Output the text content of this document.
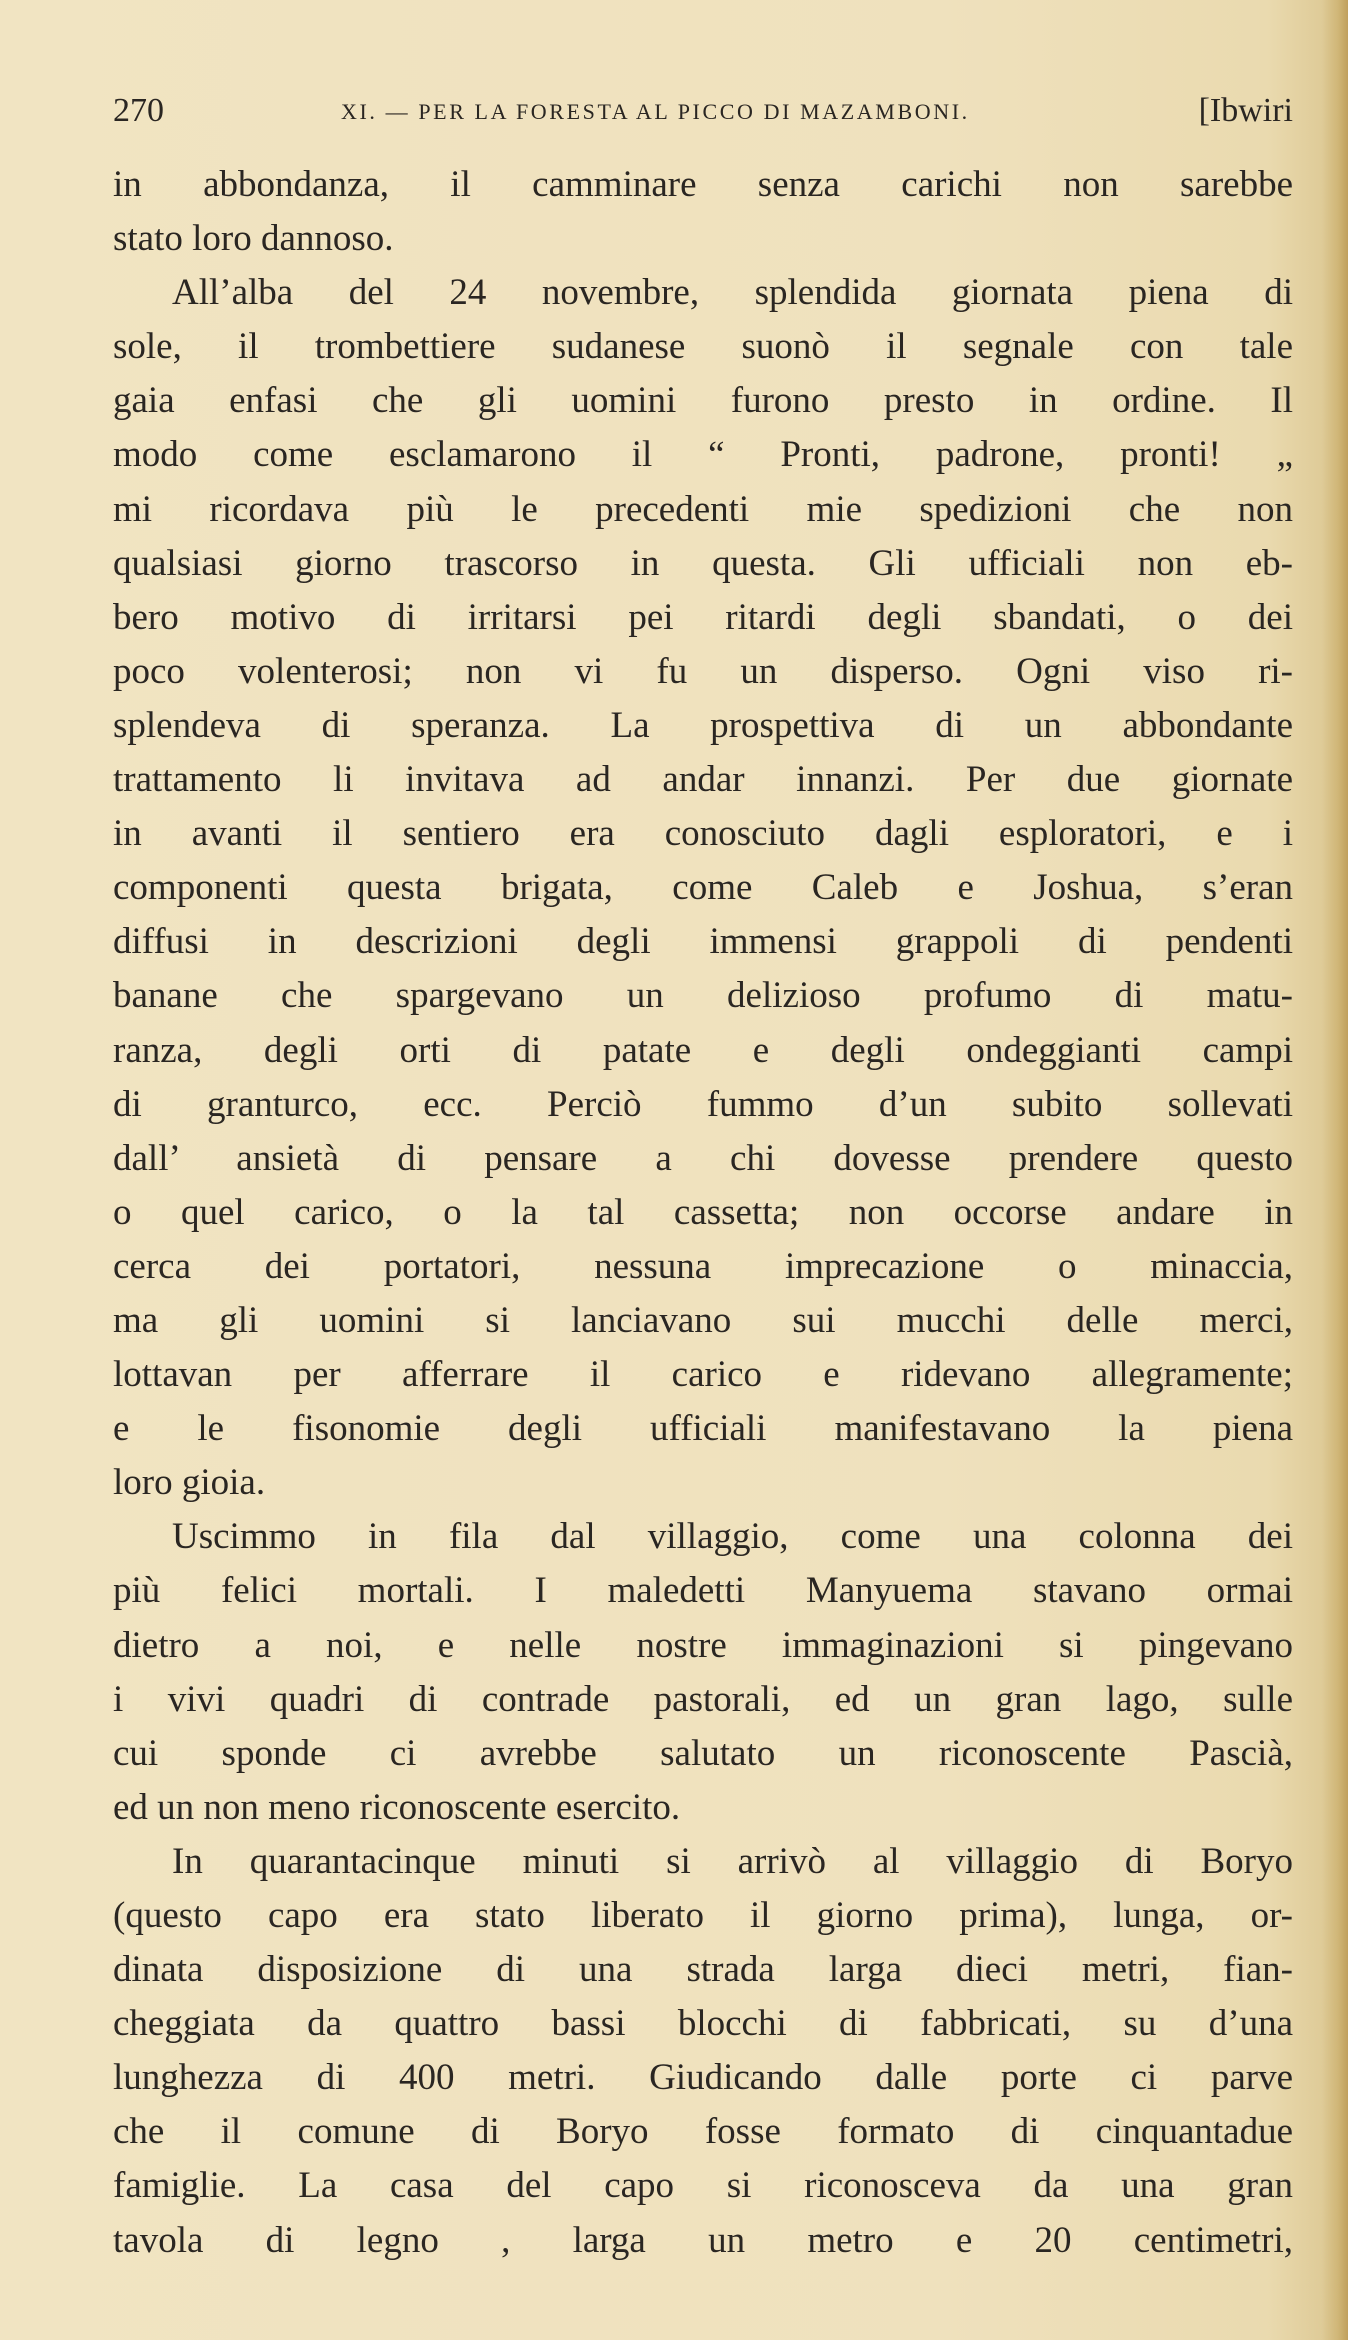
270	XI. — PER LA FORESTA AL PICCO DI MAZAMBONI.	[Ibwiri
in abbondanza, il camminare senza carichi non sarebbe
stato loro dannoso.
All’alba del 24 novembre, splendida giornata piena di
sole, il trombettiere sudanese suonò il segnale con tale
gaia enfasi che gli uomini furono presto in ordine. Il
modo come esclamarono il “ Pronti, padrone, pronti! „
mi ricordava più le precedenti mie spedizioni che non
qualsiasi giorno trascorso in questa. Gli ufficiali non eb-
bero motivo di irritarsi pei ritardi degli sbandati, o dei
poco volenterosi; non vi fu un disperso. Ogni viso ri-
splendeva di speranza. La prospettiva di un abbondante
trattamento li invitava ad andar innanzi. Per due giornate
in avanti il sentiero era conosciuto dagli esploratori, e i
componenti questa brigata, come Caleb e Joshua, s’eran
diffusi in descrizioni degli immensi grappoli di pendenti
banane che spargevano un delizioso profumo di matu-
ranza, degli orti di patate e degli ondeggianti campi
di granturco, ecc. Perciò fummo d’un subito sollevati
dall’ ansietà di pensare a chi dovesse prendere questo
o quel carico, o la tal cassetta; non occorse andare in
cerca dei portatori, nessuna imprecazione o minaccia,
ma gli uomini si lanciavano sui mucchi delle merci,
lottavan per afferrare il carico e ridevano allegramente;
e le fisonomie degli ufficiali manifestavano la piena
loro gioia.
Uscimmo in fila dal villaggio, come una colonna dei
più felici mortali. I maledetti Manyuema stavano ormai
dietro a noi, e nelle nostre immaginazioni si pingevano
i vivi quadri di contrade pastorali, ed un gran lago, sulle
cui sponde ci avrebbe salutato un riconoscente Pascià,
ed un non meno riconoscente esercito.
In quarantacinque minuti si arrivò al villaggio di Boryo
(questo capo era stato liberato il giorno prima), lunga, or-
dinata disposizione di una strada larga dieci metri, fian-
cheggiata da quattro bassi blocchi di fabbricati, su d’una
lunghezza di 400 metri. Giudicando dalle porte ci parve
che il comune di Boryo fosse formato di cinquantadue
famiglie. La casa del capo si riconosceva da una gran
tavola di legno , larga un metro e 20 centimetri,
